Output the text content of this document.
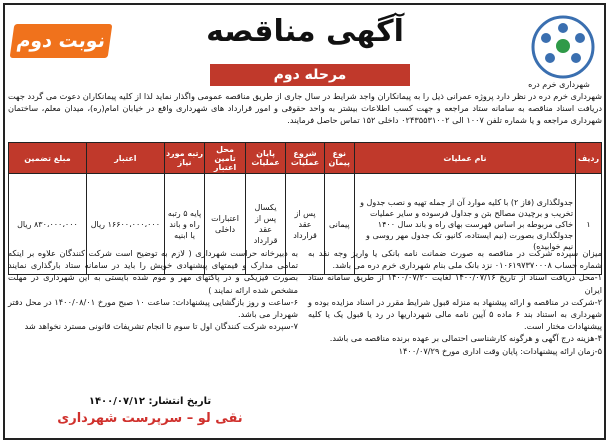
نوبت دوم	آگهی مناقصه
شهرداری خرم دره
مرحله دوم
شهرداری خرم دره در نظر دارد پروژه عمرانی ذیل را به پیمانکاران واجد شرایط در سال جاری از طریق مناقصه عمومی واگذار نماید لذا از کلیه پیمانکاران دعوت می گردد جهت دریافت اسناد مناقصه به سامانه ستاد مراجعه و جهت کسب اطلاعات بیشتر به واحد حقوقی و امور قرارداد های شهرداری واقع در خیابان امام(ره)، میدان معلم، ساختمان شهرداری مراجعه و یا شماره تلفن ۱۰۰۷ الی ۰۲۴۳۵۵۳۱۰۰۲ داخلی ۱۵۲ تماس حاصل فرمایند.
ردیف	نام عملیات	نوع پیمان	شروع عملیات	پایان عملیات	محل تامین اعتبار	رتبه مورد نیاز	اعتبار	مبلغ تضمین
۱	جدولگذاری (فاز ۲) با کلیه موارد آن از جمله تهیه و نصب جدول و تخریب و برچیدن مصالح بتن و جداول فرسوده و سایر عملیات خاکی مربوطه بر اساس فهرست بهای راه و باند سال ۱۴۰۰ جدولگذاری بصورت (نیم ایستاده، کانیو، تک جدول مهر روسی و نیم خوابیده)	پیمانی	پس از عقد قرارداد	یکسال پس از عقد قرارداد	اعتبارات داخلی	پایه ۵ رتبه راه و باند یا ابنیه	۱۶۶۰۰،۰۰۰،۰۰۰ ریال	۸۳۰،۰۰۰،۰۰۰ ریال
میزان سپرده شرکت در مناقصه به صورت ضمانت نامه بانکی یا واریز وجه نقد به شماره حساب ۰۱۰۶۱۹۷۳۷۰۰۰۸ نزد بانک ملی بنام شهرداری خرم دره می باشد.
۱-محل دریافت اسناد از تاریخ ۱۴۰۰/۰۷/۱۶ لغایت ۱۴۰۰/۰۷/۲۰ از طریق سامانه ستاد ایران
۲-شرکت در مناقصه و ارائه پیشنهاد به منزله قبول شرایط مقرر در اسناد مزایده بوده و شهرداری به استناد بند ۶ ماده ۵ آیین نامه مالی شهرداریها در رد یا قبول یک یا کلیه پیشنهادات مختار است.
۴-هزینه درج آگهی و هرگونه کارشناسی احتمالی بر عهده برنده مناقصه می باشد.
۵-زمان ارائه پیشنهادات: پایان وقت اداری مورخ ۱۴۰۰/۰۷/۲۹
به دبیرخانه حراست شهرداری ( لازم به توضیح است شرکت کنندگان علاوه بر اینکه تمامی مدارک و قیمتهای پیشنهادی خویش را باید در سامانه ستاد بارگذاری نمایند بصورت فیزیکی و در پاکتهای مهر و موم شده بایستی به این شهرداری در مهلت مشخص شده ارائه نمایند )
۶-ساعت و روز بازگشایی پیشنهادات: ساعت ۱۰ صبح مورخ ۱۴۰۰/۰۸/۰۱ در محل دفتر شهردار می باشد.
۷-سپرده شرکت کنندگان اول تا سوم تا انجام تشریفات قانونی مسترد نخواهد شد
تاریخ انتشار: ۱۴۰۰/۰۷/۱۲
نقی لو – سرپرست شهرداری
